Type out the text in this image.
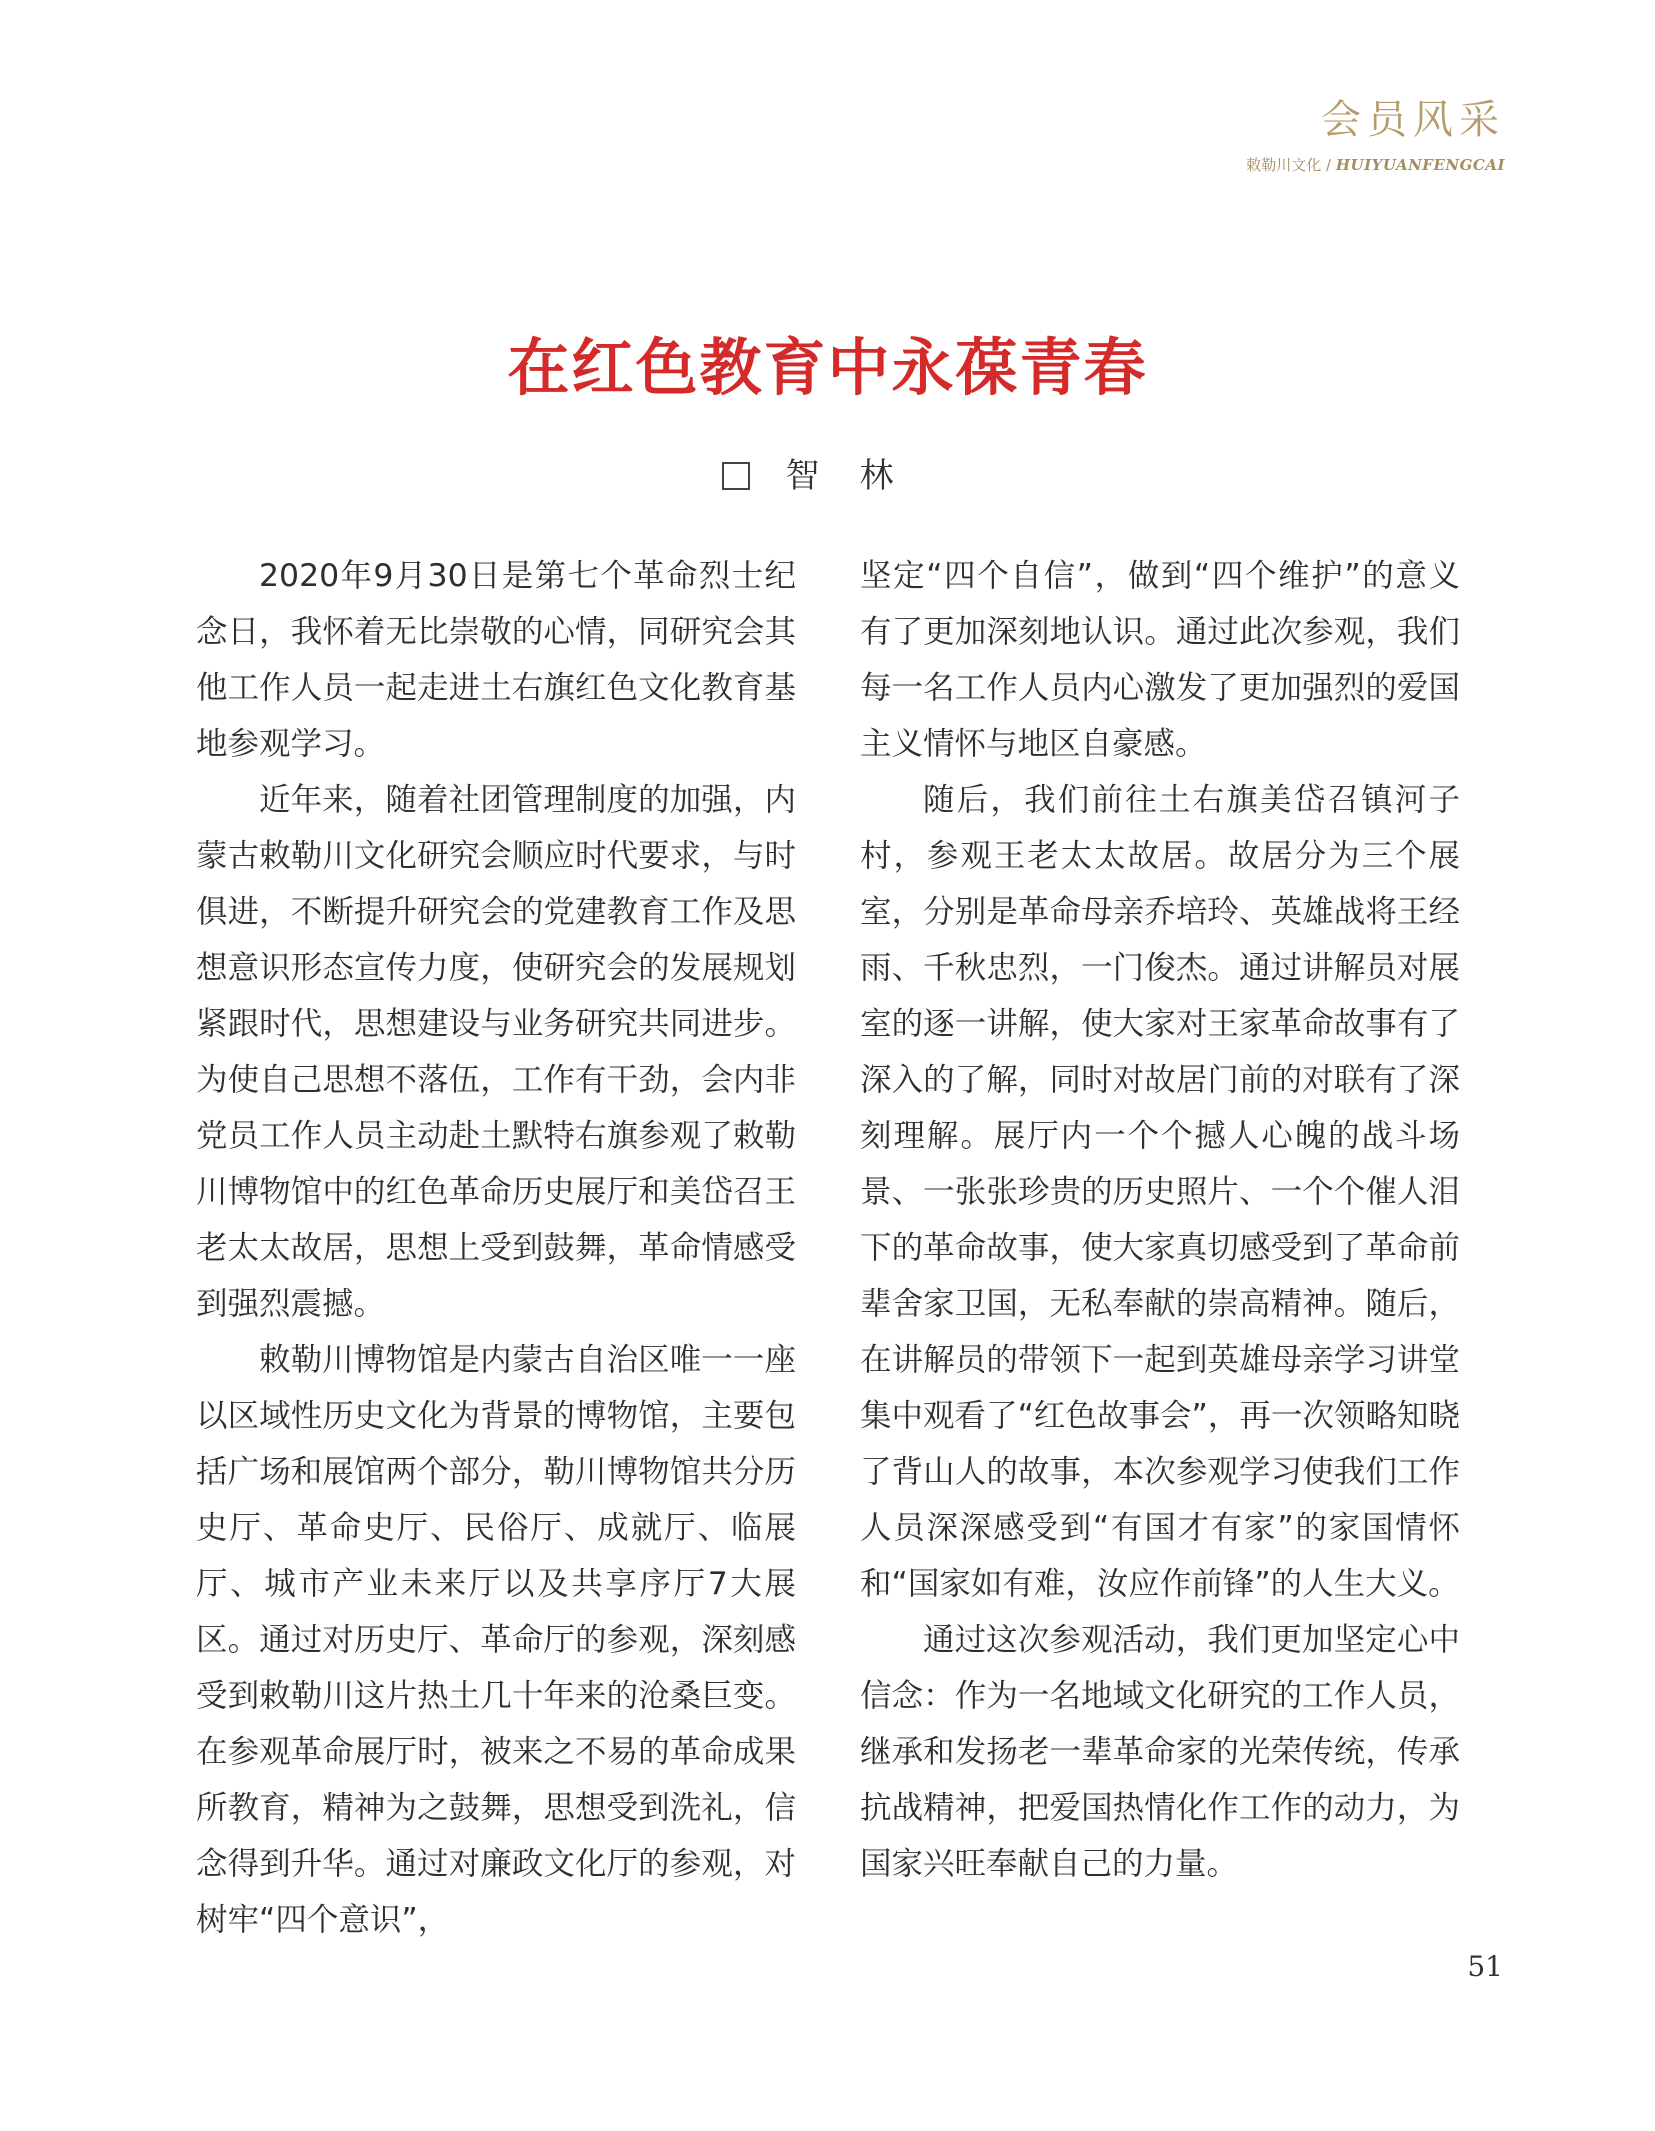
会员风采
敕勒川文化 / HUIYUANFENGCAI
在红色教育中永葆青春
智林

2020年9月30日是第七个革命烈士纪念日，我怀着无比崇敬的心情，同研究会其他工作人员一起走进土右旗红色文化教育基地参观学习。

近年来，随着社团管理制度的加强，内蒙古敕勒川文化研究会顺应时代要求，与时俱进，不断提升研究会的党建教育工作及思想意识形态宣传力度，使研究会的发展规划紧跟时代，思想建设与业务研究共同进步。为使自己思想不落伍，工作有干劲，会内非党员工作人员主动赴土默特右旗参观了敕勒川博物馆中的红色革命历史展厅和美岱召王老太太故居，思想上受到鼓舞，革命情感受到强烈震撼。

敕勒川博物馆是内蒙古自治区唯一一座以区域性历史文化为背景的博物馆，主要包括广场和展馆两个部分，勒川博物馆共分历史厅、革命史厅、民俗厅、成就厅、临展厅、城市产业未来厅以及共享序厅7大展区。通过对历史厅、革命厅的参观，深刻感受到敕勒川这片热土几十年来的沧桑巨变。在参观革命展厅时，被来之不易的革命成果所教育，精神为之鼓舞，思想受到洗礼，信念得到升华。通过对廉政文化厅的参观，对树牢“四个意识”，

坚定“四个自信”，做到“四个维护”的意义有了更加深刻地认识。通过此次参观，我们每一名工作人员内心激发了更加强烈的爱国主义情怀与地区自豪感。

随后，我们前往土右旗美岱召镇河子村，参观王老太太故居。故居分为三个展室，分别是革命母亲乔培玲、英雄战将王经雨、千秋忠烈，一门俊杰。通过讲解员对展室的逐一讲解，使大家对王家革命故事有了深入的了解，同时对故居门前的对联有了深刻理解。展厅内一个个撼人心魄的战斗场景、一张张珍贵的历史照片、一个个催人泪下的革命故事，使大家真切感受到了革命前辈舍家卫国，无私奉献的崇高精神。随后，在讲解员的带领下一起到英雄母亲学习讲堂集中观看了“红色故事会”，再一次领略知晓了背山人的故事，本次参观学习使我们工作人员深深感受到“有国才有家”的家国情怀和“国家如有难，汝应作前锋”的人生大义。

通过这次参观活动，我们更加坚定心中信念：作为一名地域文化研究的工作人员，继承和发扬老一辈革命家的光荣传统，传承抗战精神，把爱国热情化作工作的动力，为国家兴旺奉献自己的力量。

51
